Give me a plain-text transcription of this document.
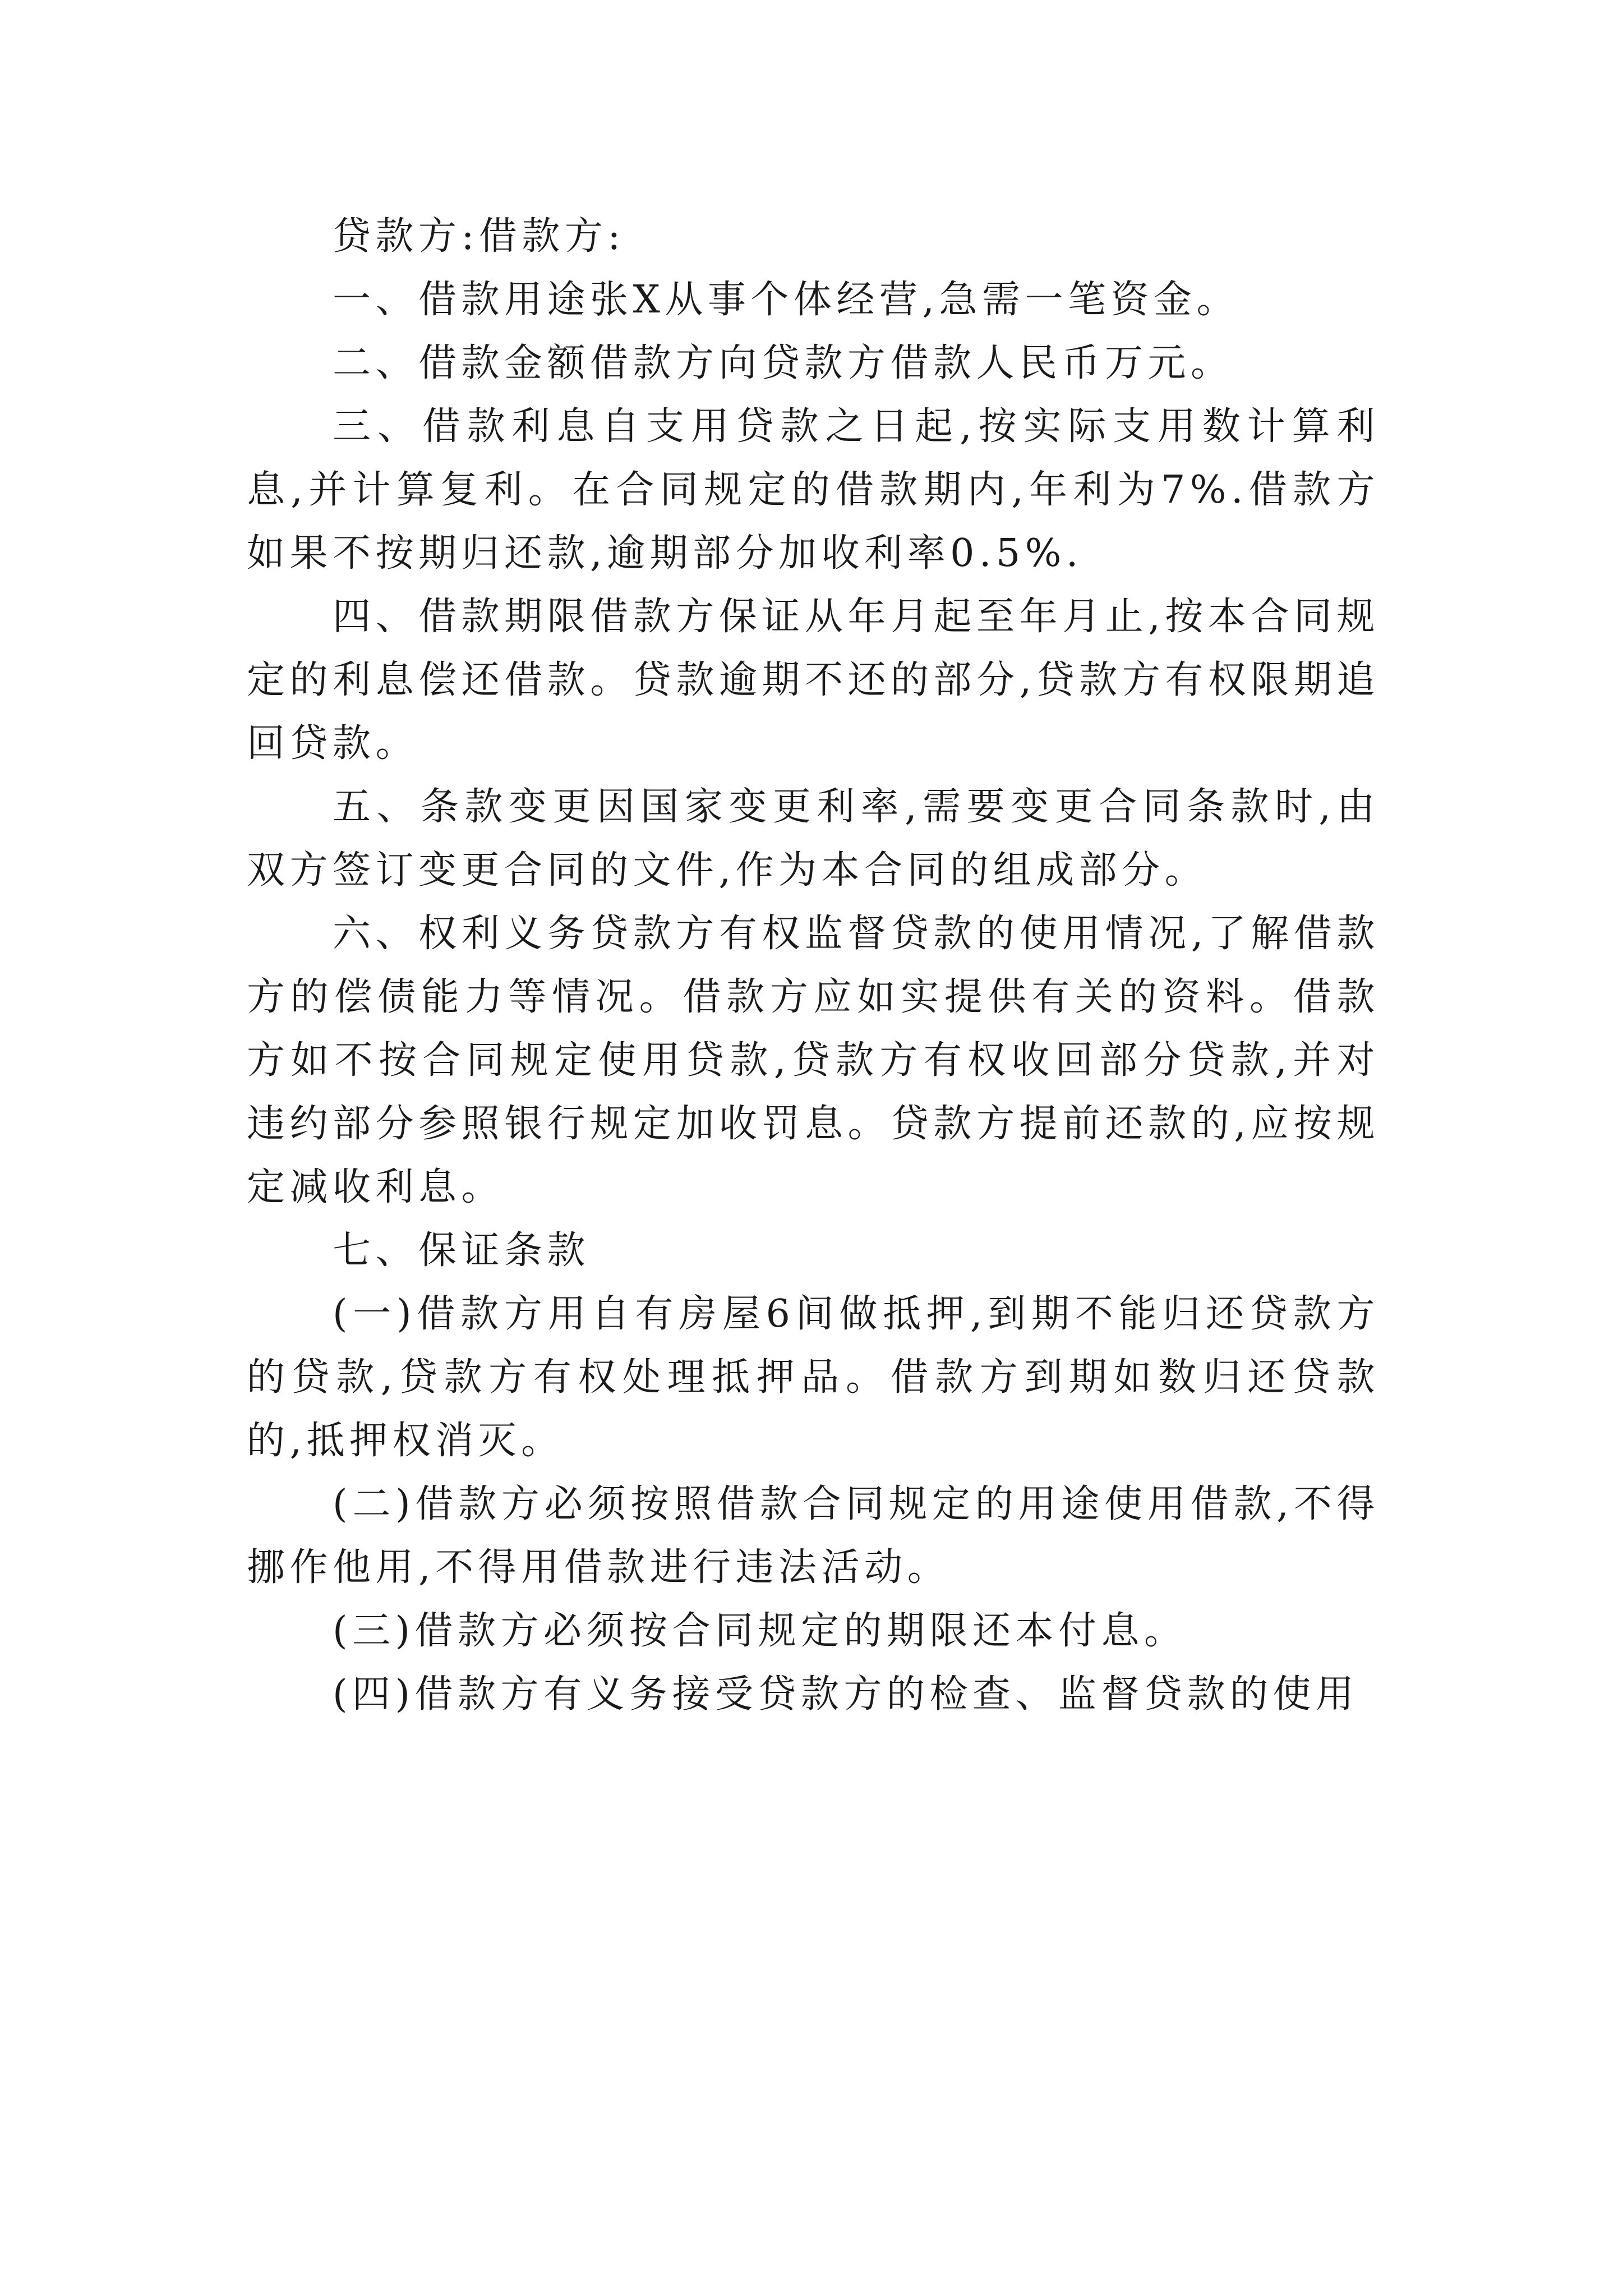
贷款方:借款方:

一、借款用途张X从事个体经营,急需一笔资金。

二、借款金额借款方向贷款方借款人民币万元。

三、借款利息自支用贷款之日起,按实际支用数计算利息,并计算复利。在合同规定的借款期内,年利为7%.借款方如果不按期归还款,逾期部分加收利率0.5%.

四、借款期限借款方保证从年月起至年月止,按本合同规定的利息偿还借款。贷款逾期不还的部分,贷款方有权限期追回贷款。

五、条款变更因国家变更利率,需要变更合同条款时,由双方签订变更合同的文件,作为本合同的组成部分。

六、权利义务贷款方有权监督贷款的使用情况,了解借款方的偿债能力等情况。借款方应如实提供有关的资料。借款方如不按合同规定使用贷款,贷款方有权收回部分贷款,并对违约部分参照银行规定加收罚息。贷款方提前还款的,应按规定减收利息。

七、保证条款

(一)借款方用自有房屋6间做抵押,到期不能归还贷款方的贷款,贷款方有权处理抵押品。借款方到期如数归还贷款的,抵押权消灭。

(二)借款方必须按照借款合同规定的用途使用借款,不得挪作他用,不得用借款进行违法活动。

(三)借款方必须按合同规定的期限还本付息。

(四)借款方有义务接受贷款方的检查、监督贷款的使用
